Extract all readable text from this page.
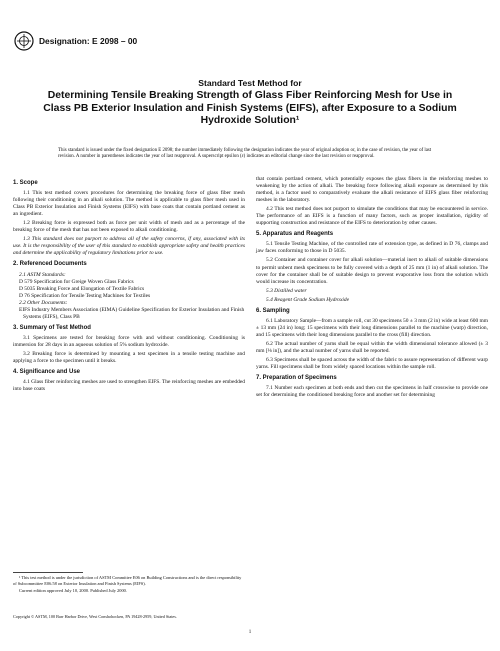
Designation: E 2098 – 00
Standard Test Method for
Determining Tensile Breaking Strength of Glass Fiber Reinforcing Mesh for Use in Class PB Exterior Insulation and Finish Systems (EIFS), after Exposure to a Sodium Hydroxide Solution¹
This standard is issued under the fixed designation E 2098; the number immediately following the designation indicates the year of original adoption or, in the case of revision, the year of last revision. A number in parentheses indicates the year of last reapproval. A superscript epsilon (ε) indicates an editorial change since the last revision or reapproval.
1. Scope

1.1 This test method covers procedures for determining the breaking force of glass fiber mesh following their conditioning in an alkali solution. The method is applicable to glass fiber mesh used in Class PB Exterior Insulation and Finish Systems (EIFS) with base coats that contain portland cement as an ingredient.

1.2 Breaking force is expressed both as force per unit width of mesh and as a percentage of the breaking force of the mesh that has not been exposed to alkali conditioning.

1.3 This standard does not purport to address all of the safety concerns, if any, associated with its use. It is the responsibility of the user of this standard to establish appropriate safety and health practices and determine the applicability of regulatory limitations prior to use.

2. Referenced Documents

2.1 ASTM Standards:

D 579 Specification for Greige Woven Glass Fabrics

D 5035 Breaking Force and Elongation of Textile Fabrics

D 76 Specification for Tensile Testing Machines for Textiles

2.2 Other Documents:

EIFS Industry Members Association (EIMA) Guideline Specification for Exterior Insulation and Finish Systems (EIFS), Class PB

3. Summary of Test Method

3.1 Specimens are tested for breaking force with and without conditioning. Conditioning is immersion for 28 days in an aqueous solution of 5% sodium hydroxide.

3.2 Breaking force is determined by mounting a test specimen in a tensile testing machine and applying a force to the specimen until it breaks.

4. Significance and Use

4.1 Glass fiber reinforcing meshes are used to strengthen EIFS. The reinforcing meshes are embedded into base coats

that contain portland cement, which potentially exposes the glass fibers in the reinforcing meshes to weakening by the action of alkali. The breaking force following alkali exposure as determined by this method, is a factor used to comparatively evaluate the alkali resistance of EIFS glass fiber reinforcing meshes in the laboratory.

4.2 This test method does not purport to simulate the conditions that may be encountered in service. The performance of an EIFS is a function of many factors, such as proper installation, rigidity of supporting construction and resistance of the EIFS to deterioration by other causes.

5. Apparatus and Reagents

5.1 Tensile Testing Machine, of the controlled rate of extension type, as defined in D 76, clamps and jaw faces conforming to those in D 5035.

5.2 Container and container cover for alkali solution—material inert to alkali of suitable dimensions to permit unbent mesh specimens to be fully covered with a depth of 25 mm (1 in) of alkali solution. The cover for the container shall be of suitable design to prevent evaporative loss from the solution which would increase its concentration.

5.3 Distilled water

5.4 Reagent Grade Sodium Hydroxide

6. Sampling

6.1 Laboratory Sample—from a sample roll, cut 30 specimens 50 ± 3 mm (2 in) wide at least 600 mm ± 13 mm (24 in) long; 15 specimens with their long dimensions parallel to the machine (warp) direction, and 15 specimens with their long dimensions parallel to the cross (fill) direction.

6.2 The actual number of yarns shall be equal within the width dimensional tolerance allowed (± 3 mm [⅛ in]), and the actual number of yarns shall be reported.

6.3 Specimens shall be spaced across the width of the fabric to assure representation of different warp yarns. Fill specimens shall be from widely spaced locations within the sample roll.

7. Preparation of Specimens

7.1 Number each specimen at both ends and then cut the specimens in half crosswise to provide one set for determining the conditioned breaking force and another set for determining

¹ This test method is under the jurisdiction of ASTM Committee E06 on Building Constructions and is the direct responsibility of Subcommittee E06.58 on Exterior Insulation and Finish Systems (EIFS).

Current edition approved July 10, 2000. Published July 2000.

Copyright © ASTM, 100 Barr Harbor Drive, West Conshohocken, PA 19428-2959, United States.
1
